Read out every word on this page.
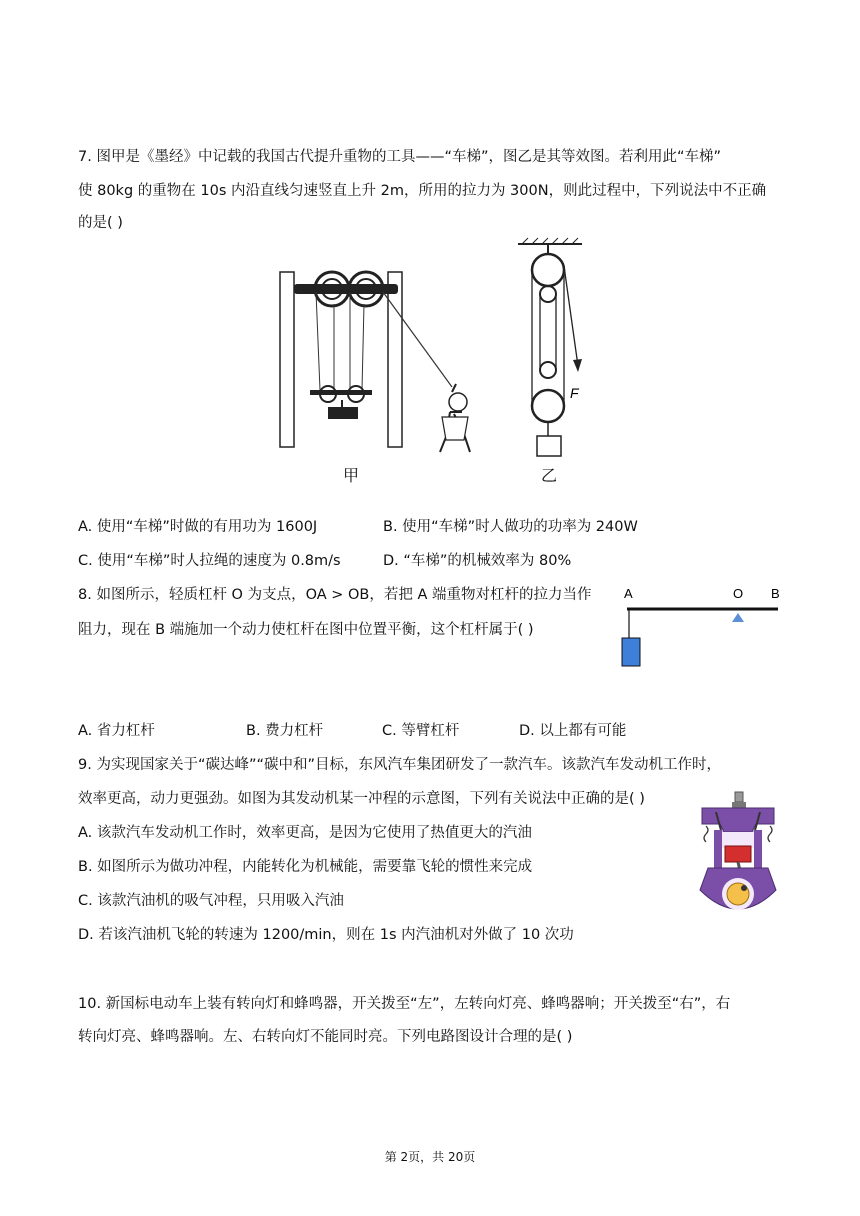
7. 图甲是《墨经》中记载的我国古代提升重物的工具——“车梯”，图乙是其等效图。若利用此“车梯”
使 80kg 的重物在 10s 内沿直线匀速竖直上升 2m，所用的拉力为 300N，则此过程中，下列说法中不正确
的是( )
甲
F
乙
A. 使用“车梯”时做的有用功为 1600J	B. 使用“车梯”时人做功的功率为 240W
C. 使用“车梯”时人拉绳的速度为 0.8m/s	D. “车梯”的机械效率为 80%
8. 如图所示，轻质杠杆 O 为支点，OA > OB，若把 A 端重物对杠杆的拉力当作
阻力，现在 B 端施加一个动力使杠杆在图中位置平衡，这个杠杆属于( )
A	O B
A. 省力杠杆	B. 费力杠杆	C. 等臂杠杆	D. 以上都有可能
9. 为实现国家关于“碳达峰”“碳中和”目标，东风汽车集团研发了一款汽车。该款汽车发动机工作时，
效率更高，动力更强劲。如图为其发动机某一冲程的示意图，下列有关说法中正确的是( )
A. 该款汽车发动机工作时，效率更高，是因为它使用了热值更大的汽油
B. 如图所示为做功冲程，内能转化为机械能，需要靠飞轮的惯性来完成
C. 该款汽油机的吸气冲程，只用吸入汽油
D. 若该汽油机飞轮的转速为 1200/min，则在 1s 内汽油机对外做了 10 次功
10. 新国标电动车上装有转向灯和蜂鸣器，开关拨至“左”，左转向灯亮、蜂鸣器响；开关拨至“右”，右
转向灯亮、蜂鸣器响。左、右转向灯不能同时亮。下列电路图设计合理的是( )
第 2页，共 20页
